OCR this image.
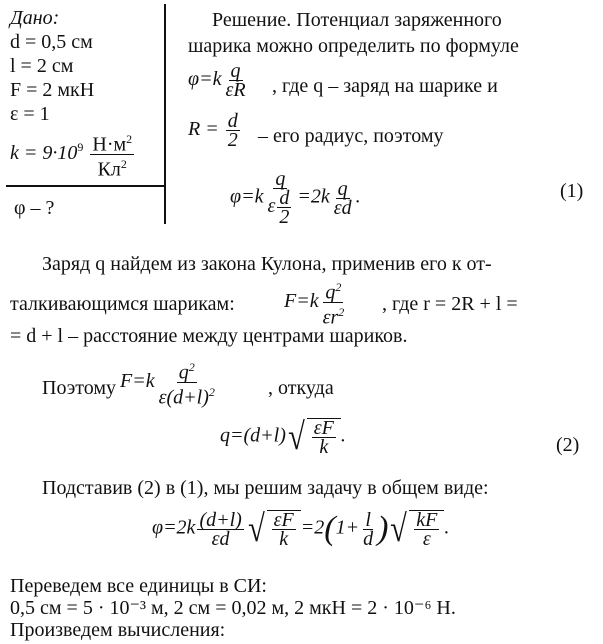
Дано:
d = 0,5 см
l = 2 см
F = 2 мкН
ε = 1
$k = 9\cdot 10^9 \frac{Н\cdot м^2}{Кл^2}$
φ – ?
Решение. Потенциал заряженного
шарика можно определить по формуле
$\varphi=k \frac{q}{\varepsilon R}$ , где q – заряд на шарике и
$R = \frac{d}{2}$ – его радиус, поэтому
$\varphi=k \frac{q}{\varepsilon \frac{d}{2}} =2k \frac{q}{\varepsilon d}$ .	(1)
Заряд q найдем из закона Кулона, применив его к от-
талкивающимся шарикам: $F=k \frac{q^2}{\varepsilon r^2}$ , где r = 2R + l =
= d + l – расстояние между центрами шариков.
Поэтому $F=k \frac{q^2}{\varepsilon(d+l)^2}$	, откуда
$q=(d+l)√ \frac{\varepsilon F}{k}$ .	(2)
Подставив (2) в (1), мы решим задачу в общем виде:
$\varphi=2k \frac{(d+l)}{\varepsilon d}$ √ $\frac{\varepsilon F}{k} =2(1+ \frac{l}{d}$ )√ $\frac{kF}{\varepsilon}$ .
Переведем все единицы в СИ:
0,5 см = 5 · 10⁻³ м, 2 см = 0,02 м, 2 мкН = 2 · 10⁻⁶ Н.
Произведем вычисления:
